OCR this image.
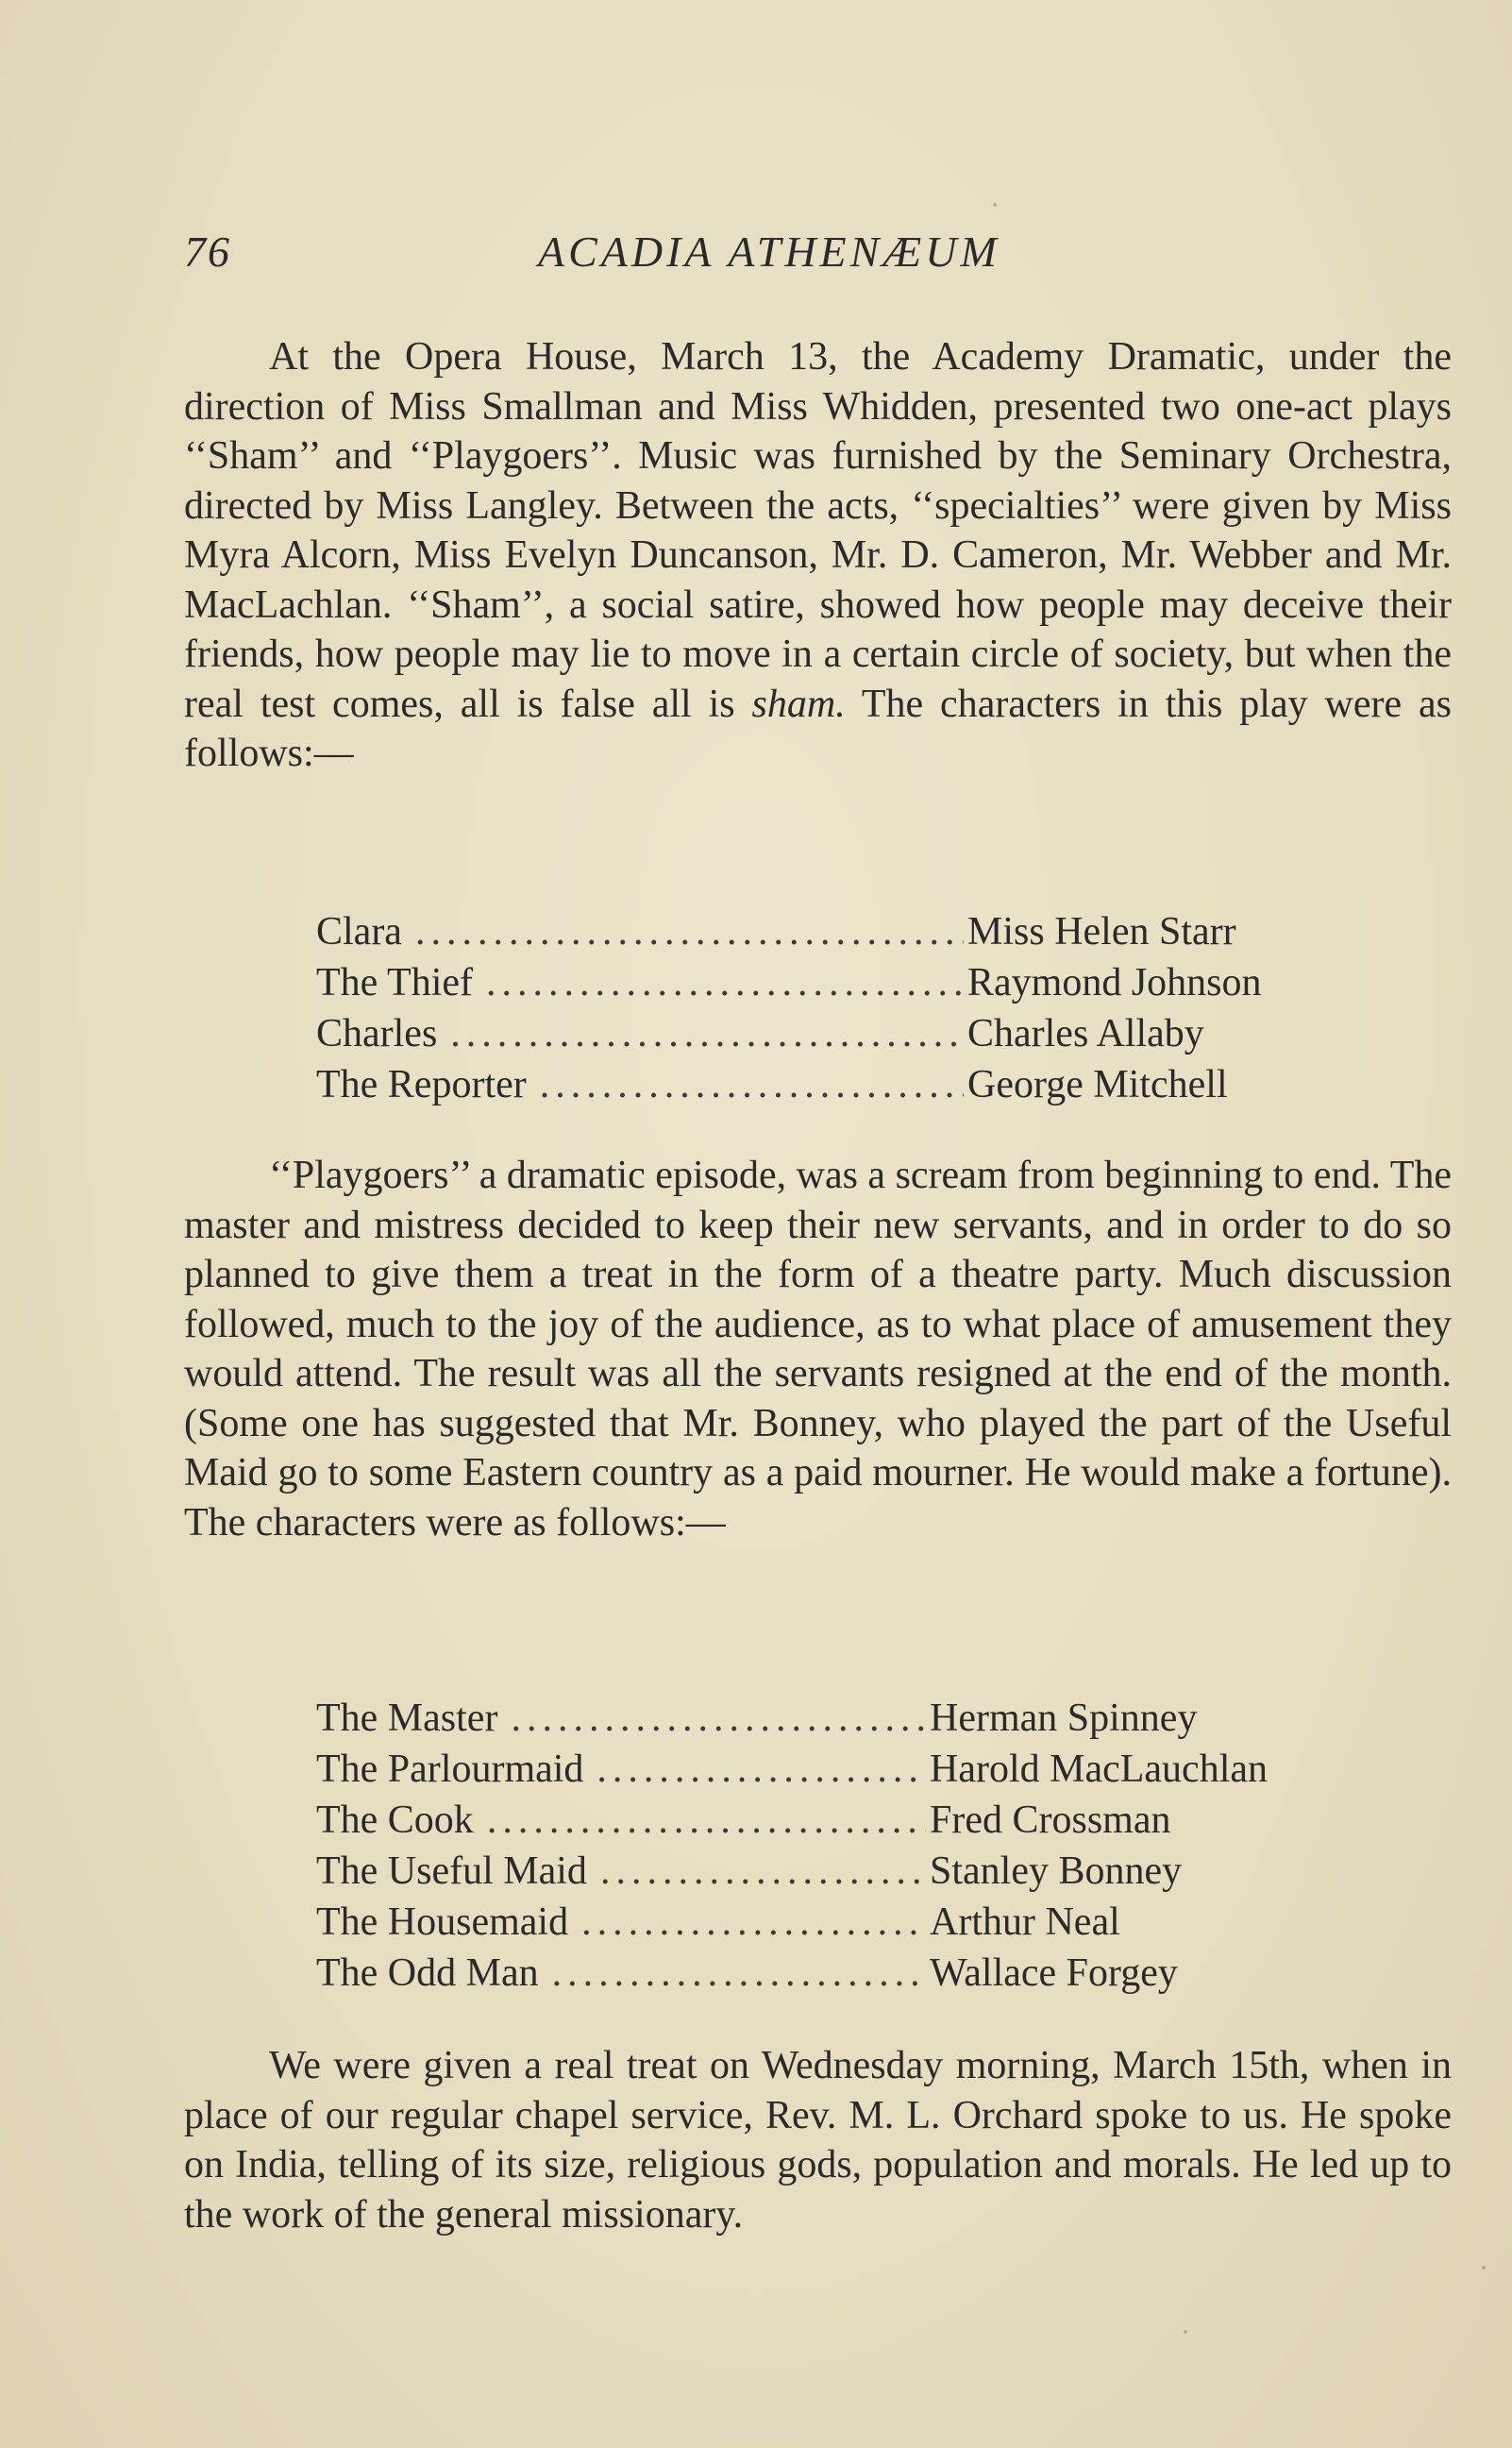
76	ACADIA ATHENÆUM

At the Opera House, March 13, the Academy Dramatic, under the direction of Miss Smallman and Miss Whidden, presented two one-act plays ‘‘Sham’’ and ‘‘Playgoers’’. Music was furnished by the Seminary Orchestra, directed by Miss Langley. Between the acts, ‘‘specialties’’ were given by Miss Myra Alcorn, Miss Evelyn Duncanson, Mr. D. Cameron, Mr. Webber and Mr. MacLachlan. ‘‘Sham’’, a social satire, showed how people may deceive their friends, how people may lie to move in a certain circle of society, but when the real test comes, all is false all is sham. The characters in this play were as follows:—

Clara .....	Miss Helen Starr
The Thief .....	Raymond Johnson
Charles .....	Charles Allaby
The Reporter .....	George Mitchell

‘‘Playgoers’’ a dramatic episode, was a scream from beginning to end. The master and mistress decided to keep their new servants, and in order to do so planned to give them a treat in the form of a theatre party. Much discussion followed, much to the joy of the audience, as to what place of amusement they would attend. The result was all the servants resigned at the end of the month. (Some one has suggested that Mr. Bonney, who played the part of the Useful Maid go to some Eastern country as a paid mourner. He would make a fortune). The characters were as follows:—

The Master .....	Herman Spinney
The Parlourmaid .....	Harold MacLauchlan
The Cook .....	Fred Crossman
The Useful Maid .....	Stanley Bonney
The Housemaid .....	Arthur Neal
The Odd Man .....	Wallace Forgey

We were given a real treat on Wednesday morning, March 15th, when in place of our regular chapel service, Rev. M. L. Orchard spoke to us. He spoke on India, telling of its size, religious gods, population and morals. He led up to the work of the general missionary.
